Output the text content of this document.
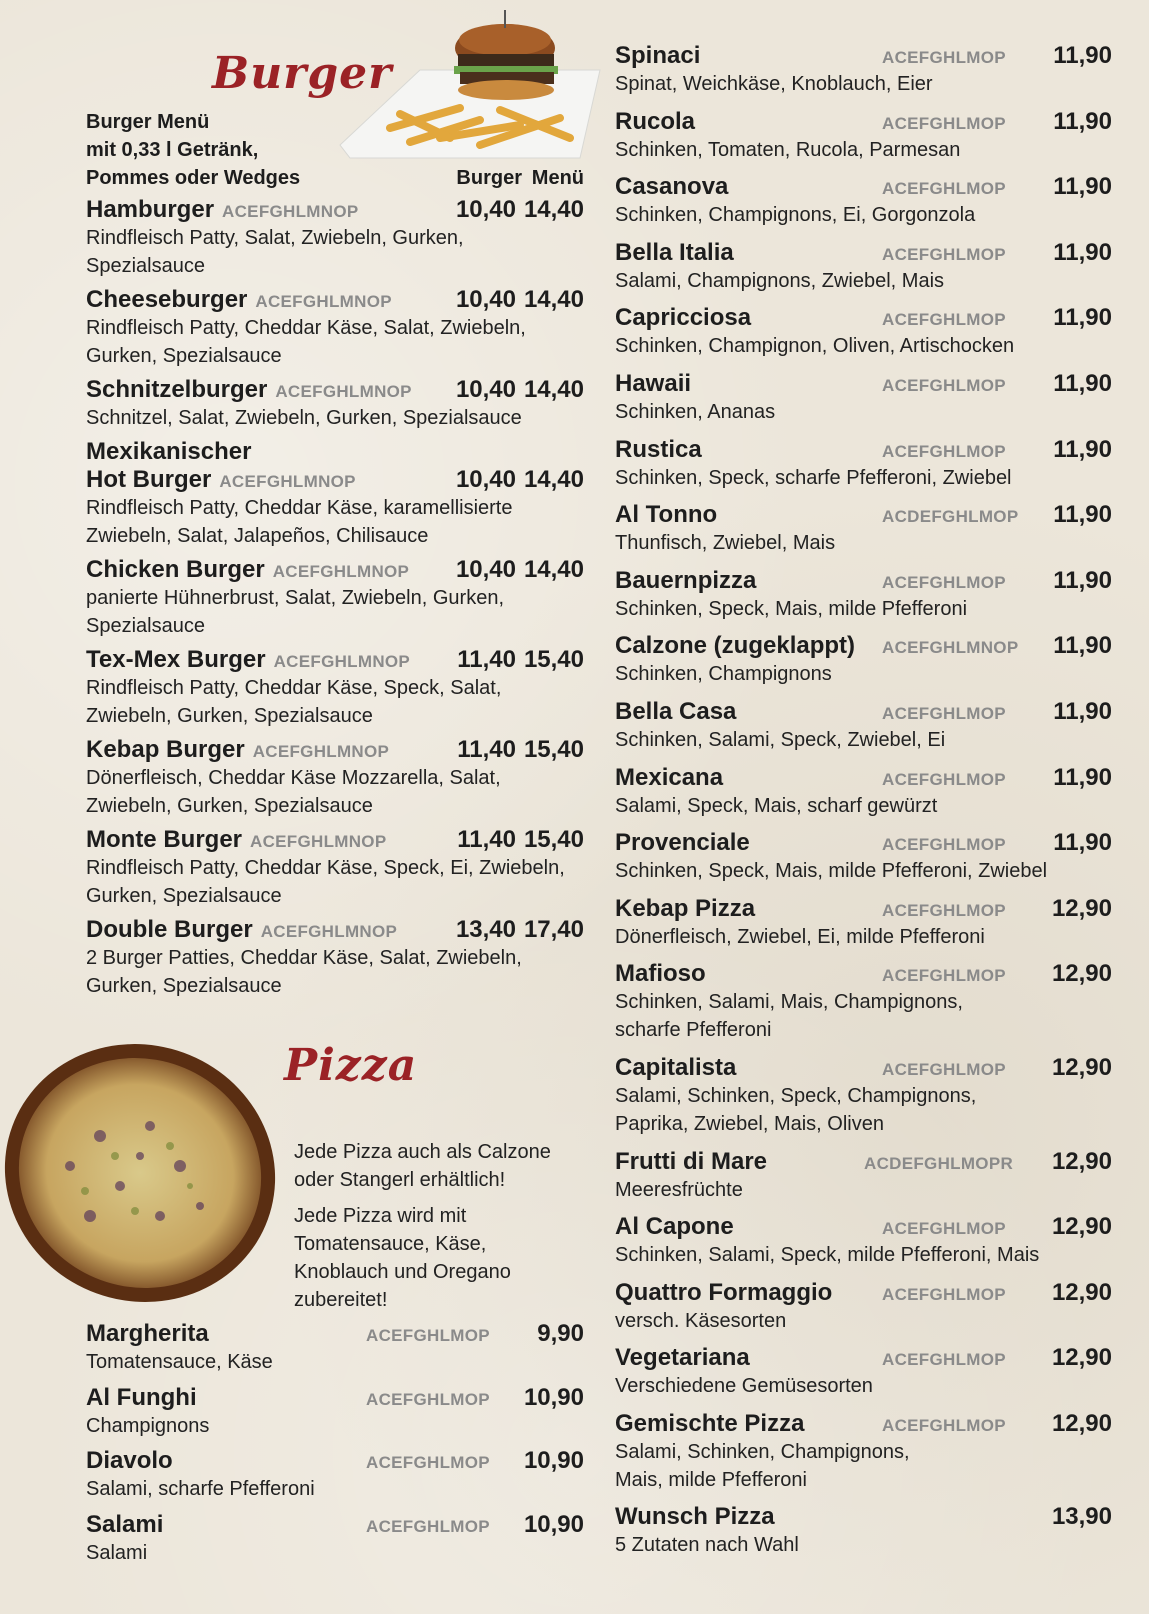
Burger
Burger Menü
mit 0,33 l Getränk,
Pommes oder Wedges	Burger Menü
Hamburger ACEFGHLMNOP	10,40 14,40
Rindfleisch Patty, Salat, Zwiebeln, Gurken, Spezialsauce
Cheeseburger ACEFGHLMNOP	10,40 14,40
Rindfleisch Patty, Cheddar Käse, Salat, Zwiebeln, Gurken, Spezialsauce
Schnitzelburger ACEFGHLMNOP	10,40 14,40
Schnitzel, Salat, Zwiebeln, Gurken, Spezialsauce
Mexikanischer
Hot Burger ACEFGHLMNOP	10,40 14,40
Rindfleisch Patty, Cheddar Käse, karamellisierte Zwiebeln, Salat, Jalapeños, Chilisauce
Chicken Burger ACEFGHLMNOP	10,40 14,40
panierte Hühnerbrust, Salat, Zwiebeln, Gurken, Spezialsauce
Tex-Mex Burger ACEFGHLMNOP	11,40 15,40
Rindfleisch Patty, Cheddar Käse, Speck, Salat, Zwiebeln, Gurken, Spezialsauce
Kebap Burger ACEFGHLMNOP	11,40 15,40
Dönerfleisch, Cheddar Käse Mozzarella, Salat, Zwiebeln, Gurken, Spezialsauce
Monte Burger ACEFGHLMNOP	11,40 15,40
Rindfleisch Patty, Cheddar Käse, Speck, Ei, Zwiebeln, Gurken, Spezialsauce
Double Burger ACEFGHLMNOP	13,40 17,40
2 Burger Patties, Cheddar Käse, Salat, Zwiebeln, Gurken, Spezialsauce
Pizza
Jede Pizza auch als Calzone oder Stangerl erhältlich!
Jede Pizza wird mit Tomatensauce, Käse, Knoblauch und Oregano zubereitet!
Margherita	ACEFGHLMOP	9,90
Tomatensauce, Käse
Al Funghi	ACEFGHLMOP	10,90
Champignons
Diavolo	ACEFGHLMOP	10,90
Salami, scharfe Pfefferoni
Salami	ACEFGHLMOP	10,90
Salami
Spinaci	ACEFGHLMOP	11,90
Spinat, Weichkäse, Knoblauch, Eier
Rucola	ACEFGHLMOP	11,90
Schinken, Tomaten, Rucola, Parmesan
Casanova	ACEFGHLMOP	11,90
Schinken, Champignons, Ei, Gorgonzola
Bella Italia	ACEFGHLMOP	11,90
Salami, Champignons, Zwiebel, Mais
Capricciosa	ACEFGHLMOP	11,90
Schinken, Champignon, Oliven, Artischocken
Hawaii	ACEFGHLMOP	11,90
Schinken, Ananas
Rustica	ACEFGHLMOP	11,90
Schinken, Speck, scharfe Pfefferoni, Zwiebel
Al Tonno	ACDEFGHLMOP	11,90
Thunfisch, Zwiebel, Mais
Bauernpizza	ACEFGHLMOP	11,90
Schinken, Speck, Mais, milde Pfefferoni
Calzone (zugeklappt)	ACEFGHLMNOP	11,90
Schinken, Champignons
Bella Casa	ACEFGHLMOP	11,90
Schinken, Salami, Speck, Zwiebel, Ei
Mexicana	ACEFGHLMOP	11,90
Salami, Speck, Mais, scharf gewürzt
Provenciale	ACEFGHLMOP	11,90
Schinken, Speck, Mais, milde Pfefferoni, Zwiebel
Kebap Pizza	ACEFGHLMOP	12,90
Dönerfleisch, Zwiebel, Ei, milde Pfefferoni
Mafioso	ACEFGHLMOP	12,90
Schinken, Salami, Mais, Champignons, scharfe Pfefferoni
Capitalista	ACEFGHLMOP	12,90
Salami, Schinken, Speck, Champignons, Paprika, Zwiebel, Mais, Oliven
Frutti di Mare	ACDEFGHLMOPR	12,90
Meeresfrüchte
Al Capone	ACEFGHLMOP	12,90
Schinken, Salami, Speck, milde Pfefferoni, Mais
Quattro Formaggio	ACEFGHLMOP	12,90
versch. Käsesorten
Vegetariana	ACEFGHLMOP	12,90
Verschiedene Gemüsesorten
Gemischte Pizza	ACEFGHLMOP	12,90
Salami, Schinken, Champignons, Mais, milde Pfefferoni
Wunsch Pizza	13,90
5 Zutaten nach Wahl
